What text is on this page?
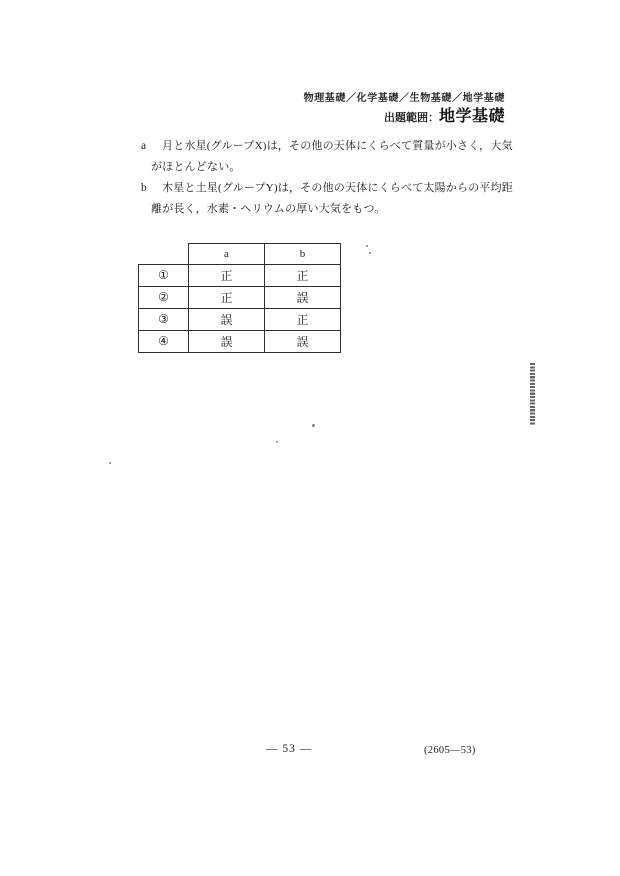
物理基礎／化学基礎／生物基礎／地学基礎
出題範囲：地学基礎
a 月と水星(グループX)は，その他の天体にくらべて質量が小さく，大気
がほとんどない。
b 木星と土星(グループY)は，その他の天体にくらべて太陽からの平均距
離が長く，水素・ヘリウムの厚い大気をもつ。
	a	b
①	正	正
②	正	誤
③	誤	正
④	誤	誤
— 53 —	(2605—53)
